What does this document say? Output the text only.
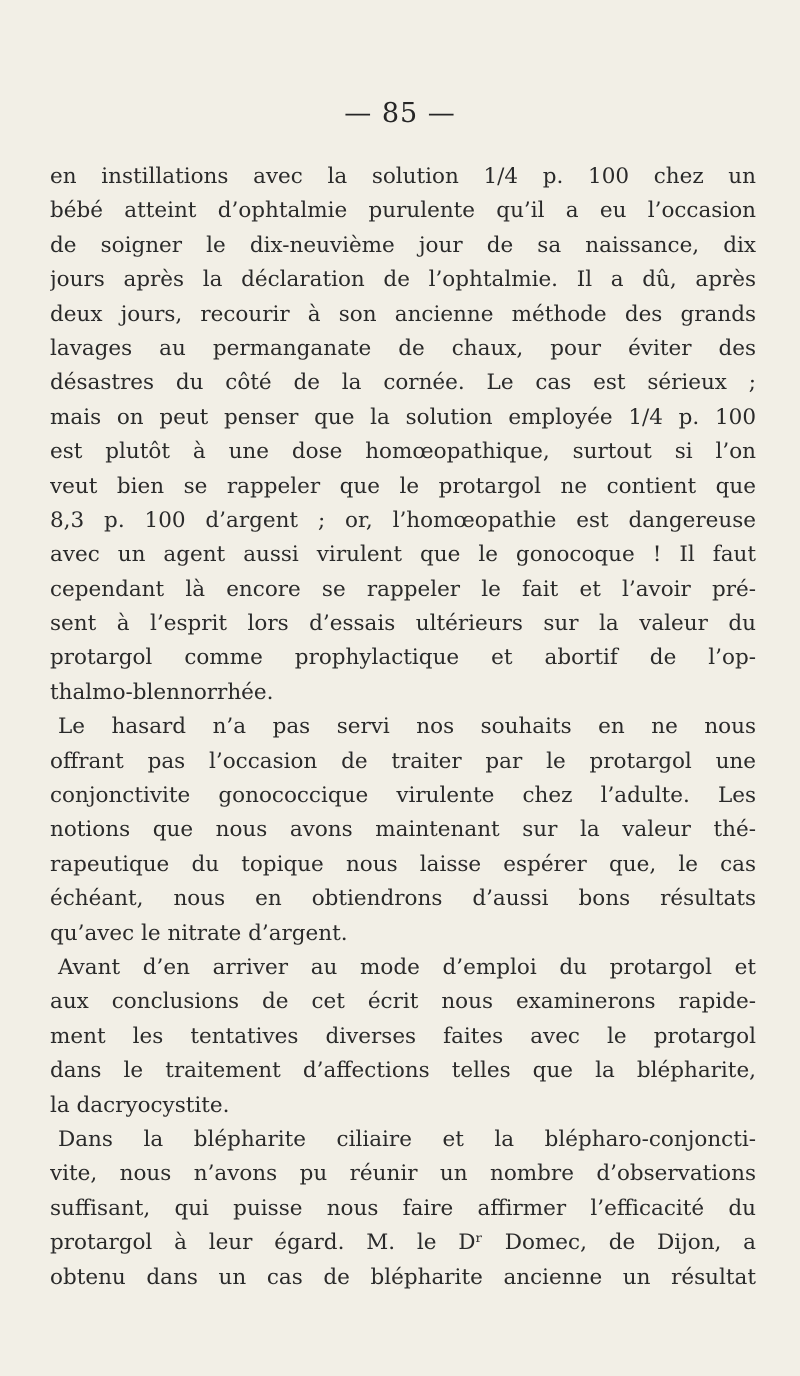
— 85 —
en instillations avec la solution 1/4 p. 100 chez un
bébé atteint d’ophtalmie purulente qu’il a eu l’occasion
de soigner le dix-neuvième jour de sa naissance, dix
jours après la déclaration de l’ophtalmie. Il a dû, après
deux jours, recourir à son ancienne méthode des grands
lavages au permanganate de chaux, pour éviter des
désastres du côté de la cornée. Le cas est sérieux ;
mais on peut penser que la solution employée 1/4 p. 100
est plutôt à une dose homœopathique, surtout si l’on
veut bien se rappeler que le protargol ne contient que
8,3 p. 100 d’argent ; or, l’homœopathie est dangereuse
avec un agent aussi virulent que le gonocoque ! Il faut
cependant là encore se rappeler le fait et l’avoir pré-
sent à l’esprit lors d’essais ultérieurs sur la valeur du
protargol comme prophylactique et abortif de l’op-
thalmo-blennorrhée.
Le hasard n’a pas servi nos souhaits en ne nous
offrant pas l’occasion de traiter par le protargol une
conjonctivite gonococcique virulente chez l’adulte. Les
notions que nous avons maintenant sur la valeur thé-
rapeutique du topique nous laisse espérer que, le cas
échéant, nous en obtiendrons d’aussi bons résultats
qu’avec le nitrate d’argent.
Avant d’en arriver au mode d’emploi du protargol et
aux conclusions de cet écrit nous examinerons rapide-
ment les tentatives diverses faites avec le protargol
dans le traitement d’affections telles que la blépharite,
la dacryocystite.
Dans la blépharite ciliaire et la blépharo-conjoncti-
vite, nous n’avons pu réunir un nombre d’observations
suffisant, qui puisse nous faire affirmer l’efficacité du
protargol à leur égard. M. le Dʳ Domec, de Dijon, a
obtenu dans un cas de blépharite ancienne un résultat
